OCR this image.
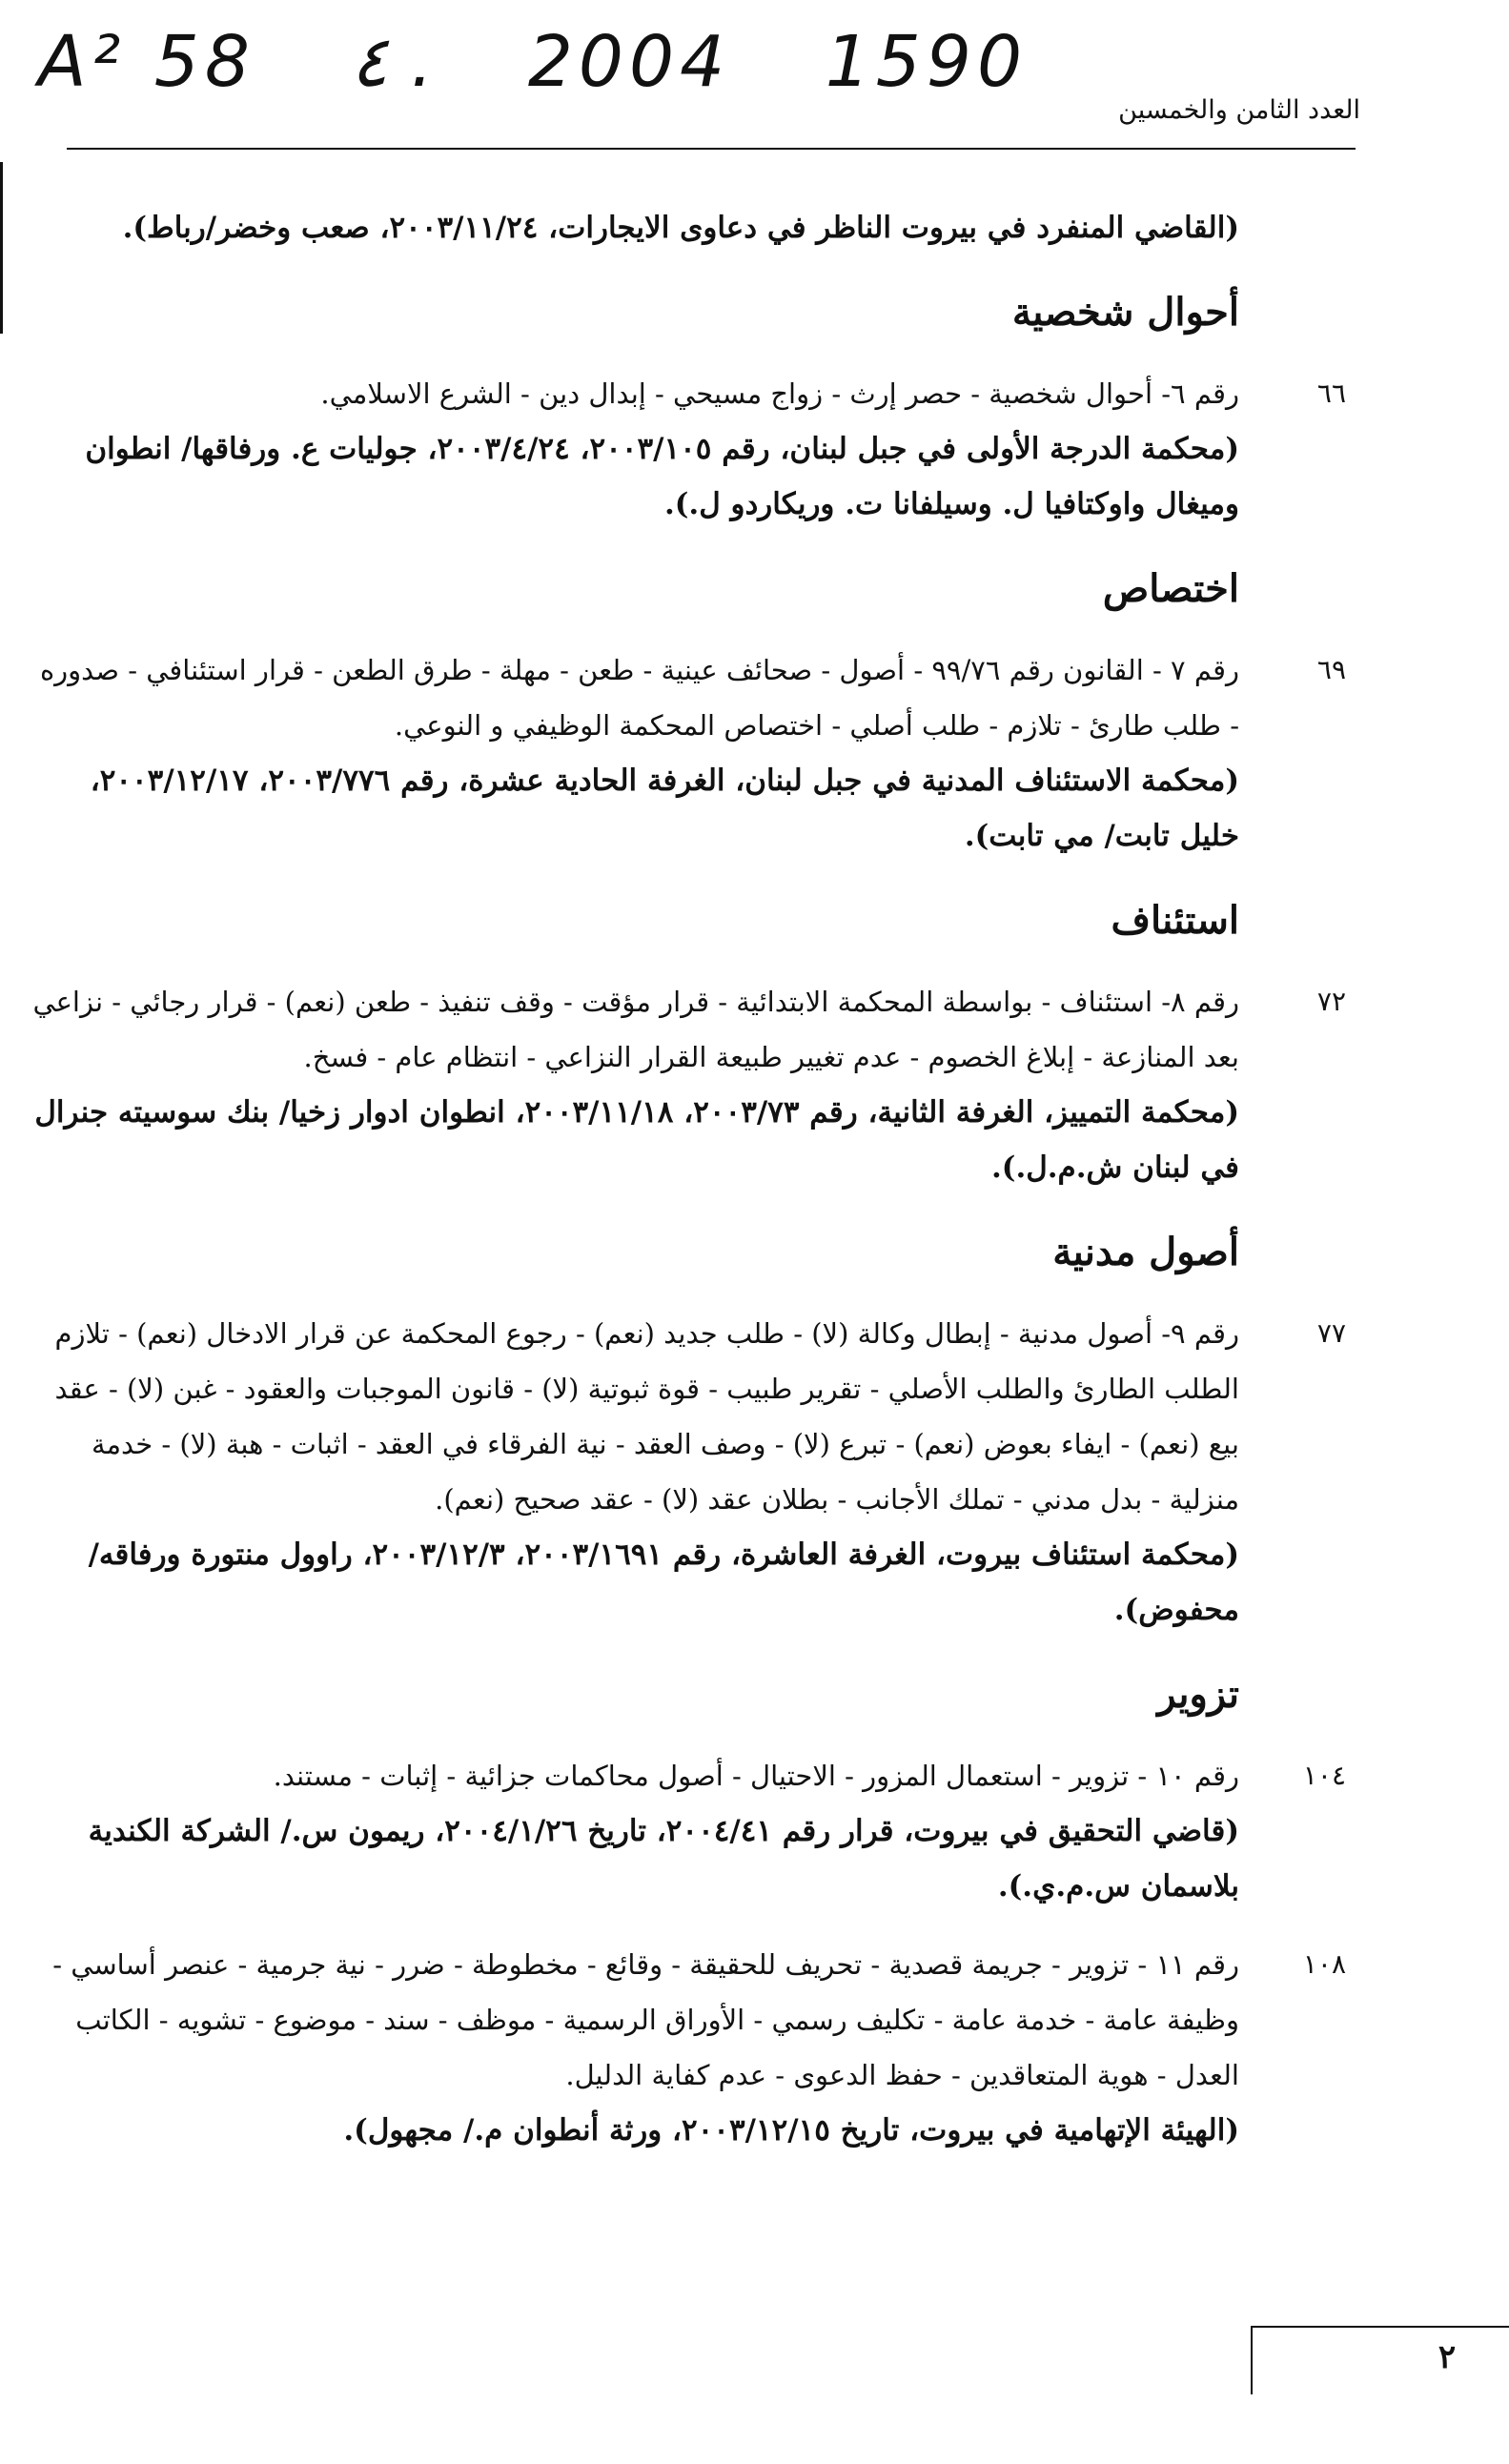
A² 58 ٤ . 2004 1590
العدد الثامن والخمسين

(القاضي المنفرد في بيروت الناظر في دعاوى الايجارات، ٢٠٠٣/١١/٢٤، صعب وخضر/رباط).

أحوال شخصية
٦٦

رقم ٦- أحوال شخصية - حصر إرث - زواج مسيحي - إبدال دين - الشرع الاسلامي.

(محكمة الدرجة الأولى في جبل لبنان، رقم ٢٠٠٣/١٠٥، ٢٠٠٣/٤/٢٤، جوليات ع. ورفاقها/ انطوان وميغال واوكتافيا ل. وسيلفانا ت. وريكاردو ل.).

اختصاص
٦٩

رقم ٧ - القانون رقم ٩٩/٧٦ - أصول - صحائف عينية - طعن - مهلة - طرق الطعن - قرار استئنافي - صدوره - طلب طارئ - تلازم - طلب أصلي - اختصاص المحكمة الوظيفي و النوعي.

(محكمة الاستئناف المدنية في جبل لبنان، الغرفة الحادية عشرة، رقم ٢٠٠٣/٧٧٦، ٢٠٠٣/١٢/١٧، خليل تابت/ مي تابت).

استئناف
٧٢

رقم ٨- استئناف - بواسطة المحكمة الابتدائية - قرار مؤقت - وقف تنفيذ - طعن (نعم) - قرار رجائي - نزاعي بعد المنازعة - إبلاغ الخصوم - عدم تغيير طبيعة القرار النزاعي - انتظام عام - فسخ.

(محكمة التمييز، الغرفة الثانية، رقم ٢٠٠٣/٧٣، ٢٠٠٣/١١/١٨، انطوان ادوار زخيا/ بنك سوسيته جنرال في لبنان ش.م.ل.).

أصول مدنية
٧٧

رقم ٩- أصول مدنية - إبطال وكالة (لا) - طلب جديد (نعم) - رجوع المحكمة عن قرار الادخال (نعم) - تلازم الطلب الطارئ والطلب الأصلي - تقرير طبيب - قوة ثبوتية (لا) - قانون الموجبات والعقود - غبن (لا) - عقد بيع (نعم) - ايفاء بعوض (نعم) - تبرع (لا) - وصف العقد - نية الفرقاء في العقد - اثبات - هبة (لا) - خدمة منزلية - بدل مدني - تملك الأجانب - بطلان عقد (لا) - عقد صحيح (نعم).

(محكمة استئناف بيروت، الغرفة العاشرة، رقم ٢٠٠٣/١٦٩١، ٢٠٠٣/١٢/٣، راوول منتورة ورفاقه/ محفوض).

تزوير
١٠٤

رقم ١٠ - تزوير - استعمال المزور - الاحتيال - أصول محاكمات جزائية - إثبات - مستند.

(قاضي التحقيق في بيروت، قرار رقم ٢٠٠٤/٤١، تاريخ ٢٠٠٤/١/٢٦، ريمون س./ الشركة الكندية بلاسمان س.م.ي.).

١٠٨

رقم ١١ - تزوير - جريمة قصدية - تحريف للحقيقة - وقائع - مخطوطة - ضرر - نية جرمية - عنصر أساسي - وظيفة عامة - خدمة عامة - تكليف رسمي - الأوراق الرسمية - موظف - سند - موضوع - تشويه - الكاتب العدل - هوية المتعاقدين - حفظ الدعوى - عدم كفاية الدليل.

(الهيئة الإتهامية في بيروت، تاريخ ٢٠٠٣/١٢/١٥، ورثة أنطوان م./ مجهول).

٢
